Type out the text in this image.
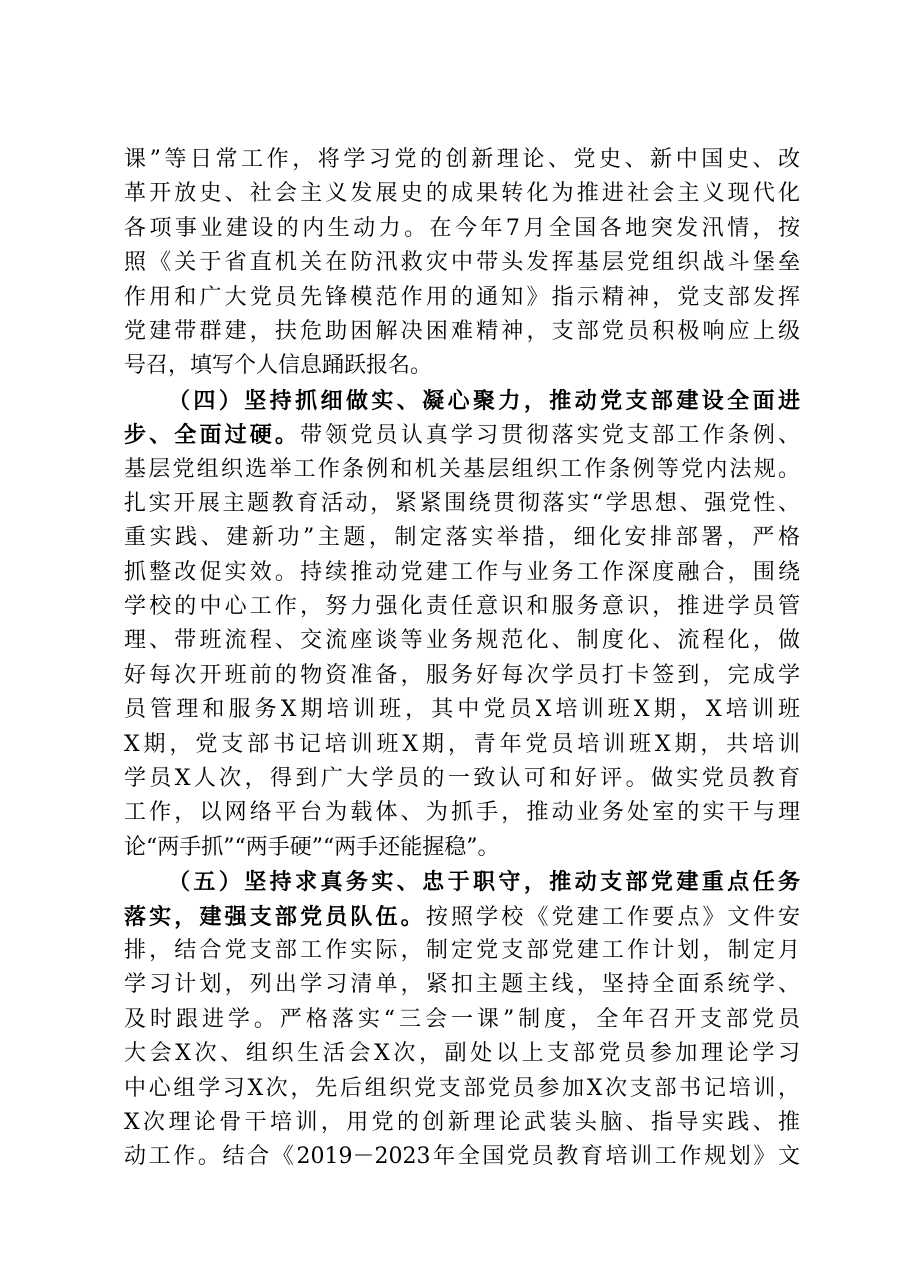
课”等日常工作，将学习党的创新理论、党史、新中国史、改
革开放史、社会主义发展史的成果转化为推进社会主义现代化
各项事业建设的内生动力。在今年7月全国各地突发汛情，按
照《关于省直机关在防汛救灾中带头发挥基层党组织战斗堡垒
作用和广大党员先锋模范作用的通知》指示精神，党支部发挥
党建带群建，扶危助困解决困难精神，支部党员积极响应上级
号召，填写个人信息踊跃报名。
（四）坚持抓细做实、凝心聚力，推动党支部建设全面进
步、全面过硬。带领党员认真学习贯彻落实党支部工作条例、
基层党组织选举工作条例和机关基层组织工作条例等党内法规。
扎实开展主题教育活动，紧紧围绕贯彻落实“学思想、强党性、
重实践、建新功”主题，制定落实举措，细化安排部署，严格
抓整改促实效。持续推动党建工作与业务工作深度融合，围绕
学校的中心工作，努力强化责任意识和服务意识，推进学员管
理、带班流程、交流座谈等业务规范化、制度化、流程化，做
好每次开班前的物资准备，服务好每次学员打卡签到，完成学
员管理和服务X期培训班，其中党员X培训班X期，X培训班
X期，党支部书记培训班X期，青年党员培训班X期，共培训
学员X人次，得到广大学员的一致认可和好评。做实党员教育
工作，以网络平台为载体、为抓手，推动业务处室的实干与理
论“两手抓”“两手硬”“两手还能握稳”。
（五）坚持求真务实、忠于职守，推动支部党建重点任务
落实，建强支部党员队伍。按照学校《党建工作要点》文件安
排，结合党支部工作实际，制定党支部党建工作计划，制定月
学习计划，列出学习清单，紧扣主题主线，坚持全面系统学、
及时跟进学。严格落实“三会一课”制度，全年召开支部党员
大会X次、组织生活会X次，副处以上支部党员参加理论学习
中心组学习X次，先后组织党支部党员参加X次支部书记培训，
X次理论骨干培训，用党的创新理论武装头脑、指导实践、推
动工作。结合《2019－2023年全国党员教育培训工作规划》文
